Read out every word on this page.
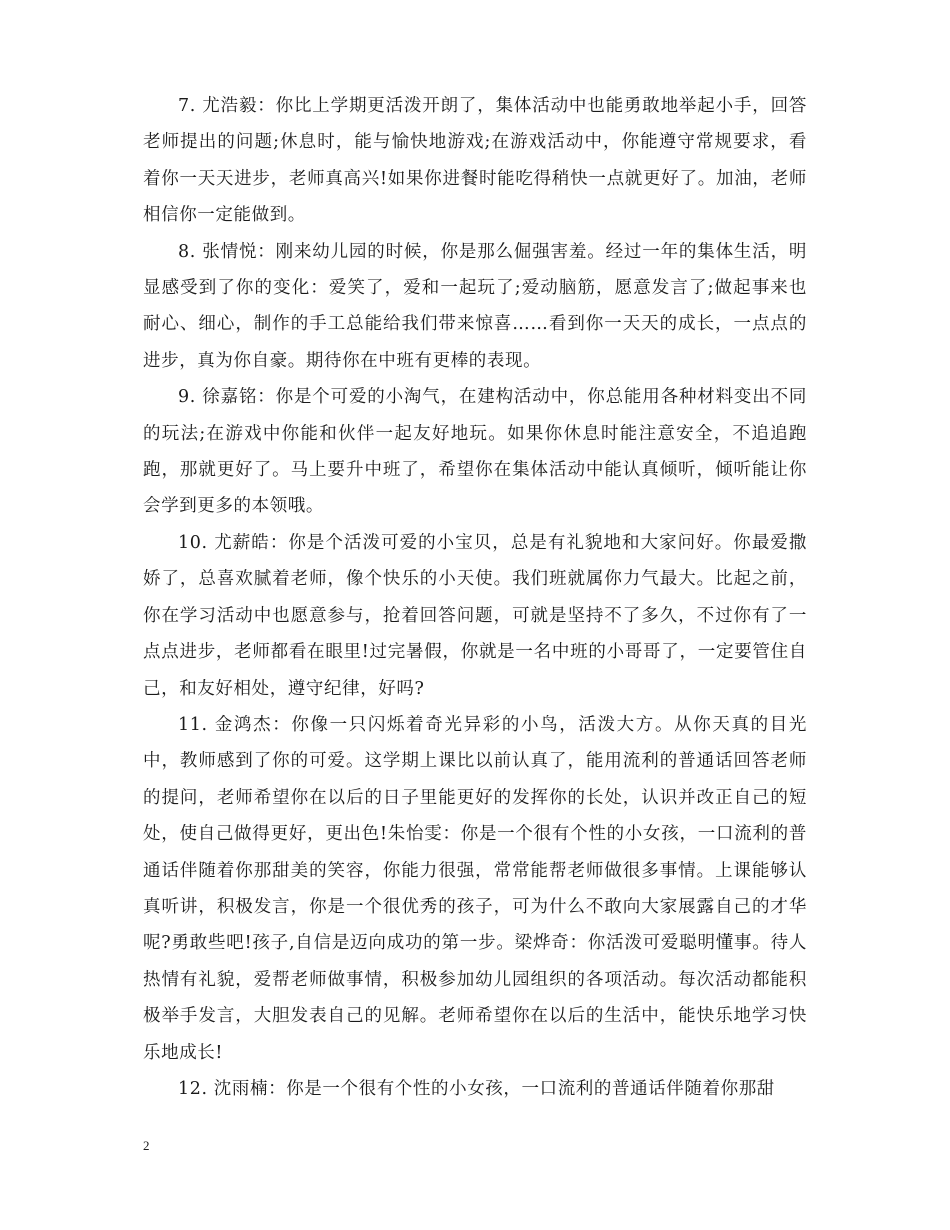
7. 尤浩毅：你比上学期更活泼开朗了，集体活动中也能勇敢地举起小手，回答老师提出的问题;休息时，能与愉快地游戏;在游戏活动中，你能遵守常规要求，看着你一天天进步，老师真高兴!如果你进餐时能吃得稍快一点就更好了。加油，老师相信你一定能做到。

8. 张情悦：刚来幼儿园的时候，你是那么倔强害羞。经过一年的集体生活，明显感受到了你的变化：爱笑了，爱和一起玩了;爱动脑筋，愿意发言了;做起事来也耐心、细心，制作的手工总能给我们带来惊喜……看到你一天天的成长，一点点的进步，真为你自豪。期待你在中班有更棒的表现。

9. 徐嘉铭：你是个可爱的小淘气，在建构活动中，你总能用各种材料变出不同的玩法;在游戏中你能和伙伴一起友好地玩。如果你休息时能注意安全，不追追跑跑，那就更好了。马上要升中班了，希望你在集体活动中能认真倾听，倾听能让你会学到更多的本领哦。

10. 尤薪皓：你是个活泼可爱的小宝贝，总是有礼貌地和大家问好。你最爱撒娇了，总喜欢腻着老师，像个快乐的小天使。我们班就属你力气最大。比起之前，你在学习活动中也愿意参与，抢着回答问题，可就是坚持不了多久，不过你有了一点点进步，老师都看在眼里!过完暑假，你就是一名中班的小哥哥了，一定要管住自己，和友好相处，遵守纪律，好吗?

11. 金鸿杰：你像一只闪烁着奇光异彩的小鸟，活泼大方。从你天真的目光中，教师感到了你的可爱。这学期上课比以前认真了，能用流利的普通话回答老师的提问，老师希望你在以后的日子里能更好的发挥你的长处，认识并改正自己的短处，使自己做得更好，更出色!朱怡雯：你是一个很有个性的小女孩，一口流利的普通话伴随着你那甜美的笑容，你能力很强，常常能帮老师做很多事情。上课能够认真听讲，积极发言，你是一个很优秀的孩子，可为什么不敢向大家展露自己的才华呢?勇敢些吧!孩子,自信是迈向成功的第一步。梁烨奇：你活泼可爱聪明懂事。待人热情有礼貌，爱帮老师做事情，积极参加幼儿园组织的各项活动。每次活动都能积极举手发言，大胆发表自己的见解。老师希望你在以后的生活中，能快乐地学习快乐地成长!

12. 沈雨楠：你是一个很有个性的小女孩，一口流利的普通话伴随着你那甜

2
